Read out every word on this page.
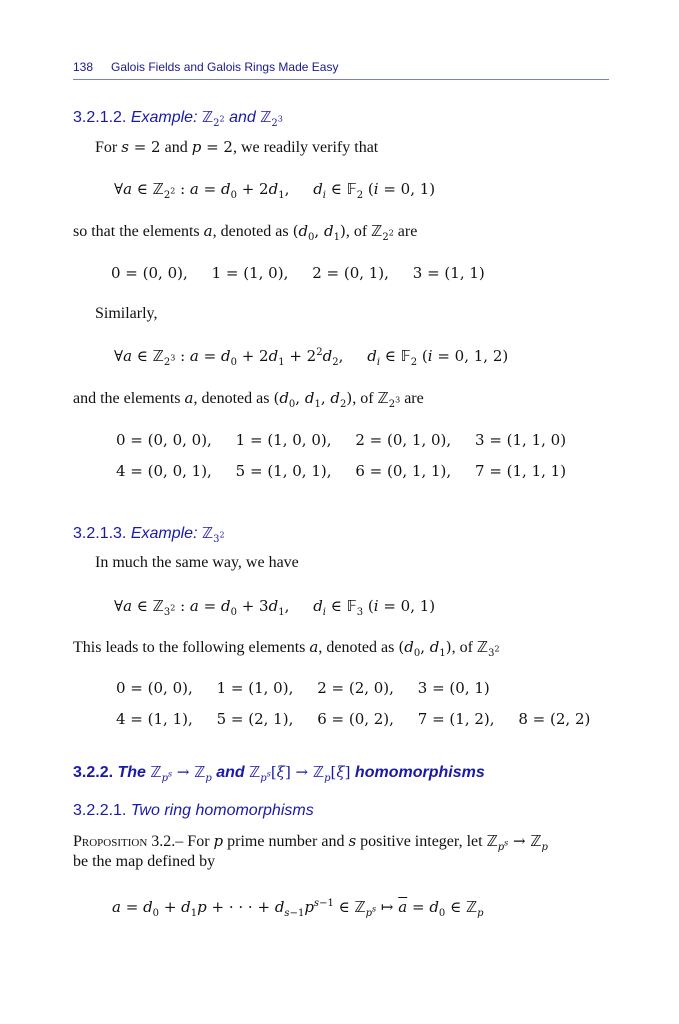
138 Galois Fields and Galois Rings Made Easy
3.2.1.2. Example: ℤ$_{2^2}$ and ℤ$_{2^3}$
For s = 2 and p = 2, we readily verify that
∀a ∈ ℤ$_{2^2}$ : $a = d_0 + 2d_1$,     $d_i$ ∈ 𝔽$_2$ (i = 0, 1)
so that the elements a, denoted as ($d_0$, $d_1$), of ℤ$_{2^2}$ are
0 = (0, 0), 1 = (1, 0), 2 = (0, 1), 3 = (1, 1)
Similarly,
∀a ∈ ℤ$_{2^3}$ : $a = d_0 + 2d_1 + 2^2d_2$,     $d_i$ ∈ 𝔽$_2$ (i = 0, 1, 2)
and the elements a, denoted as ($d_0$, $d_1$, $d_2$), of ℤ$_{2^3}$ are
0 = (0, 0, 0), 1 = (1, 0, 0), 2 = (0, 1, 0), 3 = (1, 1, 0)
4 = (0, 0, 1), 5 = (1, 0, 1), 6 = (0, 1, 1), 7 = (1, 1, 1)
3.2.1.3. Example: ℤ$_{3^2}$
In much the same way, we have
∀a ∈ ℤ$_{3^2}$ : $a = d_0 + 3d_1$,     $d_i$ ∈ 𝔽$_3$ (i = 0, 1)
This leads to the following elements a, denoted as ($d_0$, $d_1$), of ℤ$_{3^2}$
0 = (0, 0), 1 = (1, 0), 2 = (2, 0), 3 = (0, 1)
4 = (1, 1), 5 = (2, 1), 6 = (0, 2), 7 = (1, 2), 8 = (2, 2)
3.2.2. The ℤ$_{p^s}$ → ℤ$_p$ and ℤ$_{p^s}$[ξ] → ℤ$_p$[ξ] homomorphisms
3.2.2.1. Two ring homomorphisms
Proposition 3.2.– For p prime number and s positive integer, let ℤ$_{p^s}$ → ℤ$_p$
be the map defined by
$a = d_0 + d_1p$ + · · · + $d_{s-1}p^{s-1}$ ∈ ℤ$_{p^s}$ ↦ $\overline{a} = d_0$ ∈ ℤ$_p$
